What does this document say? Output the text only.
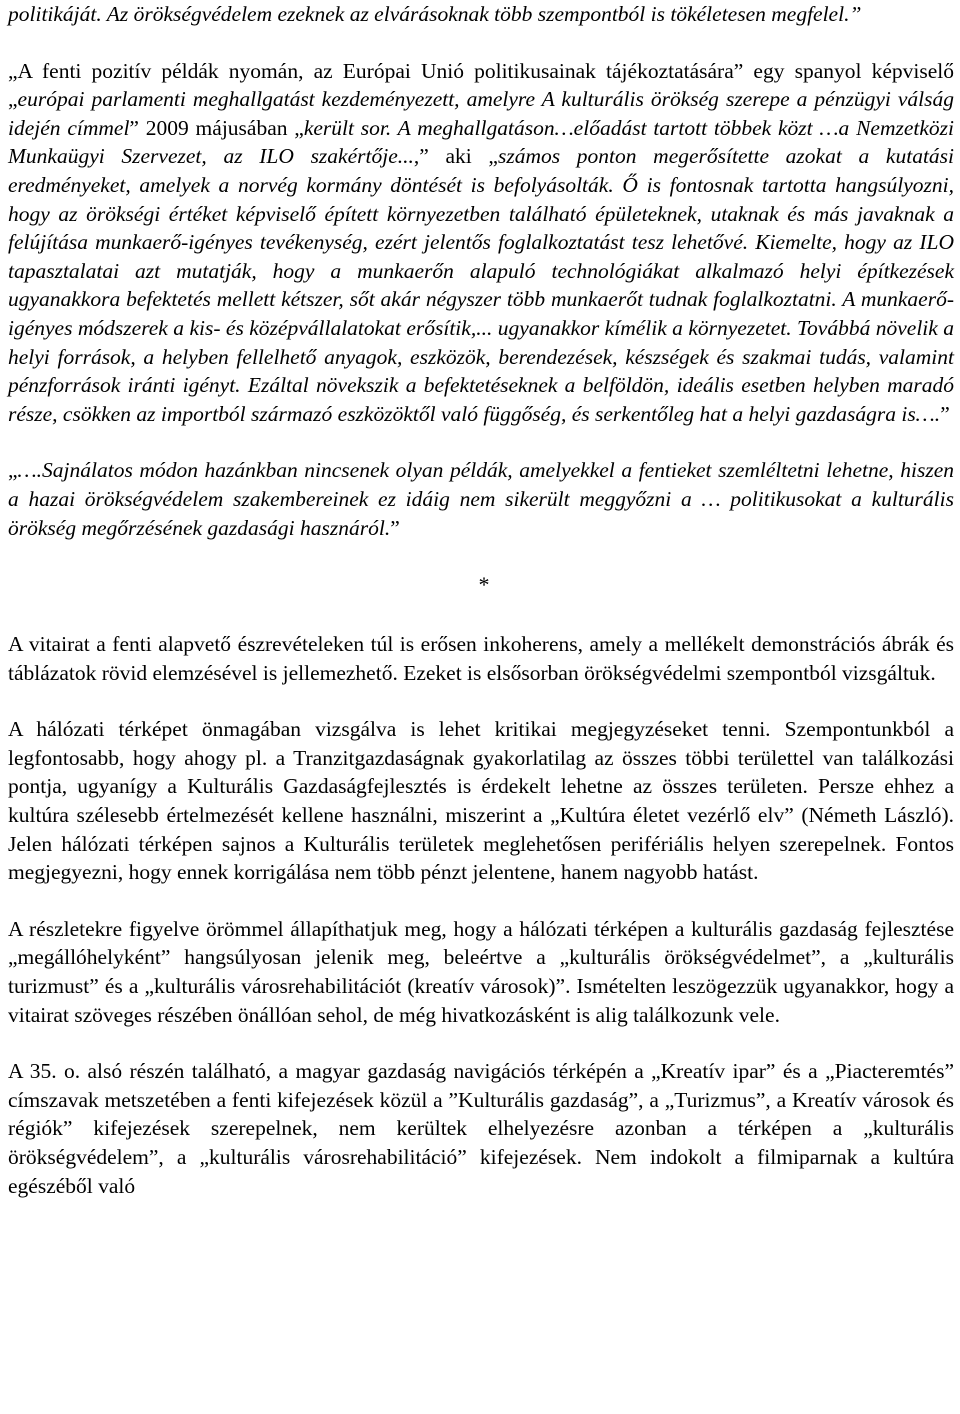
politikáját. Az örökségvédelem ezeknek az elvárásoknak több szempontból is tökéletesen megfelel.”

„A fenti pozitív példák nyomán, az Európai Unió politikusainak tájékoztatására” egy spanyol képviselő „európai parlamenti meghallgatást kezdeményezett, amelyre A kulturális örökség szerepe a pénzügyi válság idején címmel” 2009 májusában „került sor. A meghallgatáson…előadást tartott többek közt …a Nemzetközi Munkaügyi Szervezet, az ILO szakértője...,” aki „számos ponton megerősítette azokat a kutatási eredményeket, amelyek a norvég kormány döntését is befolyásolták. Ő is fontosnak tartotta hangsúlyozni, hogy az örökségi értéket képviselő épített környezetben található épületeknek, utaknak és más javaknak a felújítása munkaerő-igényes tevékenység, ezért jelentős foglalkoztatást tesz lehetővé. Kiemelte, hogy az ILO tapasztalatai azt mutatják, hogy a munkaerőn alapuló technológiákat alkalmazó helyi építkezések ugyanakkora befektetés mellett kétszer, sőt akár négyszer több munkaerőt tudnak foglalkoztatni. A munkaerő-igényes módszerek a kis- és középvállalatokat erősítik,... ugyanakkor kímélik a környezetet. Továbbá növelik a helyi források, a helyben fellelhető anyagok, eszközök, berendezések, készségek és szakmai tudás, valamint pénzforrások iránti igényt. Ezáltal növekszik a befektetéseknek a belföldön, ideális esetben helyben maradó része, csökken az importból származó eszközöktől való függőség, és serkentőleg hat a helyi gazdaságra is….”

„….Sajnálatos módon hazánkban nincsenek olyan példák, amelyekkel a fentieket szemléltetni lehetne, hiszen a hazai örökségvédelem szakembereinek ez idáig nem sikerült meggyőzni a … politikusokat a kulturális örökség megőrzésének gazdasági hasznáról.”

*

A vitairat a fenti alapvető észrevételeken túl is erősen inkoherens, amely a mellékelt demonstrációs ábrák és táblázatok rövid elemzésével is jellemezhető. Ezeket is elsősorban örökségvédelmi szempontból vizsgáltuk.

A hálózati térképet önmagában vizsgálva is lehet kritikai megjegyzéseket tenni. Szempontunkból a legfontosabb, hogy ahogy pl. a Tranzitgazdaságnak gyakorlatilag az összes többi területtel van találkozási pontja, ugyanígy a Kulturális Gazdaságfejlesztés is érdekelt lehetne az összes területen. Persze ehhez a kultúra szélesebb értelmezését kellene használni, miszerint a „Kultúra életet vezérlő elv” (Németh László). Jelen hálózati térképen sajnos a Kulturális területek meglehetősen perifériális helyen szerepelnek. Fontos megjegyezni, hogy ennek korrigálása nem több pénzt jelentene, hanem nagyobb hatást.

A részletekre figyelve örömmel állapíthatjuk meg, hogy a hálózati térképen a kulturális gazdaság fejlesztése „megállóhelyként” hangsúlyosan jelenik meg, beleértve a „kulturális örökségvédelmet”, a „kulturális turizmust” és a „kulturális városrehabilitációt (kreatív városok)”. Ismételten leszögezzük ugyanakkor, hogy a vitairat szöveges részében önállóan sehol, de még hivatkozásként is alig találkozunk vele.

A 35. o. alsó részén található, a magyar gazdaság navigációs térképén a „Kreatív ipar” és a „Piacteremtés” címszavak metszetében a fenti kifejezések közül a ”Kulturális gazdaság”, a „Turizmus”, a Kreatív városok és régiók” kifejezések szerepelnek, nem kerültek elhelyezésre azonban a térképen a „kulturális örökségvédelem”, a „kulturális városrehabilitáció” kifejezések. Nem indokolt a filmiparnak a kultúra egészéből való
